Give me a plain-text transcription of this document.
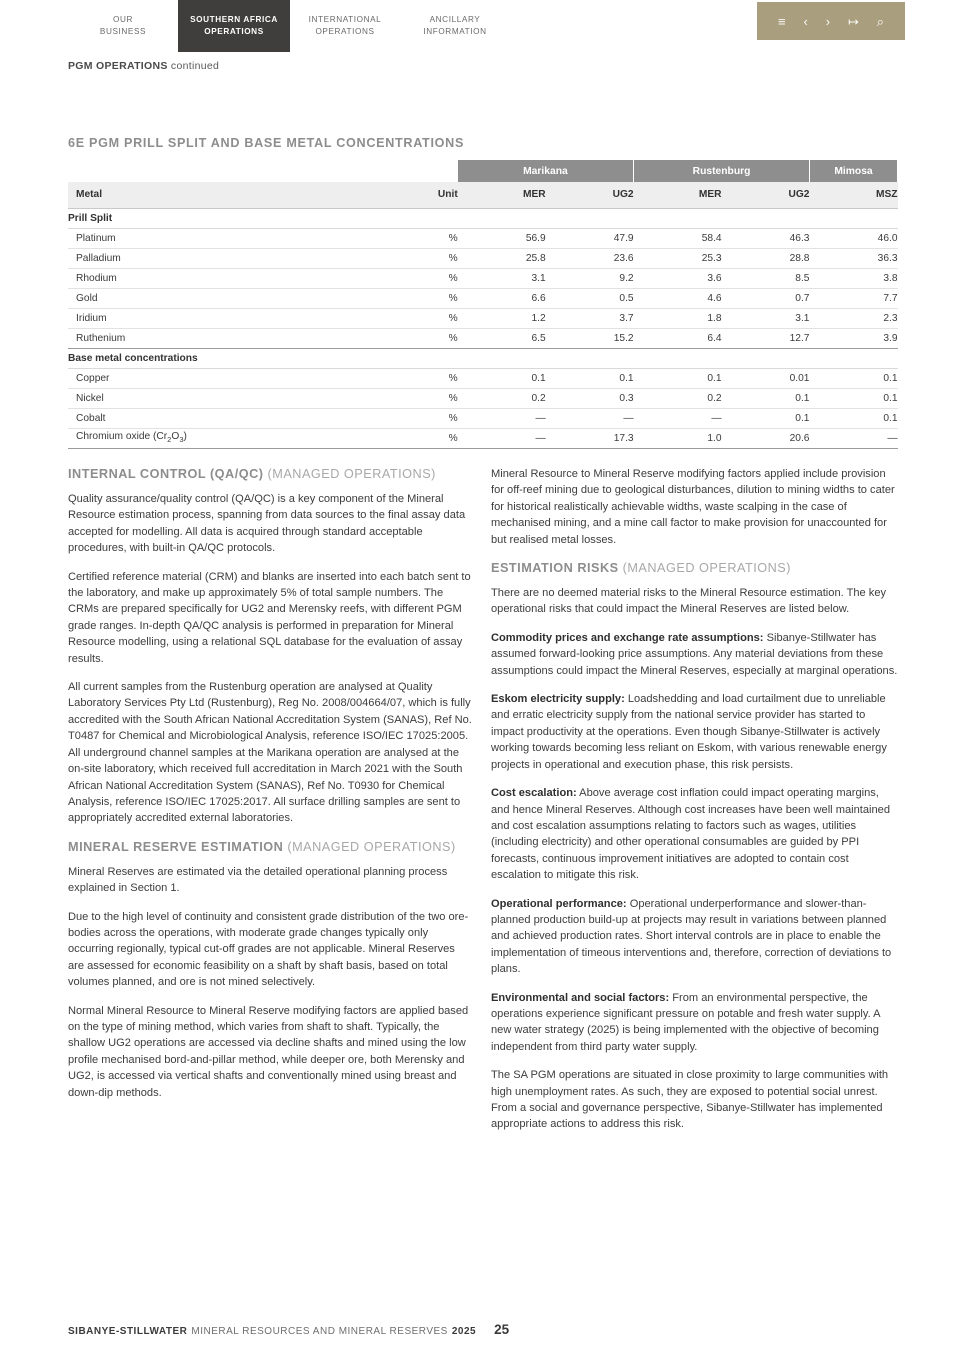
OUR
BUSINESS
SOUTHERN AFRICA
OPERATIONS
INTERNATIONAL
OPERATIONS
ANCILLARY
INFORMATION
≡ ‹ › ↦ ⌕
PGM OPERATIONS continued
6E PGM PRILL SPLIT AND BASE METAL CONCENTRATIONS
		Marikana		Rustenburg		Mimosa
Metal	Unit	MER	UG2	MER	UG2	MSZ
Prill Split						
Platinum	%	56.9	47.9	58.4	46.3	46.0
Palladium	%	25.8	23.6	25.3	28.8	36.3
Rhodium	%	3.1	9.2	3.6	8.5	3.8
Gold	%	6.6	0.5	4.6	0.7	7.7
Iridium	%	1.2	3.7	1.8	3.1	2.3
Ruthenium	%	6.5	15.2	6.4	12.7	3.9
Base metal concentrations						
Copper	%	0.1	0.1	0.1	0.01	0.1
Nickel	%	0.2	0.3	0.2	0.1	0.1
Cobalt	%	—	—	—	0.1	0.1
Chromium oxide $(Cr_2O_3)$	%	—	17.3	1.0	20.6	—
INTERNAL CONTROL (QA/QC) (MANAGED OPERATIONS)

Quality assurance/quality control (QA/QC) is a key component of the Mineral Resource estimation process, spanning from data sources to the final assay data accepted for modelling. All data is acquired through standard acceptable procedures, with built-in QA/QC protocols.

Certified reference material (CRM) and blanks are inserted into each batch sent to the laboratory, and make up approximately 5% of total sample numbers. The CRMs are prepared specifically for UG2 and Merensky reefs, with different PGM grade ranges. In-depth QA/QC analysis is performed in preparation for Mineral Resource modelling, using a relational SQL database for the evaluation of assay results.

All current samples from the Rustenburg operation are analysed at Quality Laboratory Services Pty Ltd (Rustenburg), Reg No. 2008/004664/07, which is fully accredited with the South African National Accreditation System (SANAS), Ref No. T0487 for Chemical and Microbiological Analysis, reference ISO/IEC 17025:2005. All underground channel samples at the Marikana operation are analysed at the on-site laboratory, which received full accreditation in March 2021 with the South African National Accreditation System (SANAS), Ref No. T0930 for Chemical Analysis, reference ISO/IEC 17025:2017. All surface drilling samples are sent to appropriately accredited external laboratories.

MINERAL RESERVE ESTIMATION (MANAGED OPERATIONS)

Mineral Reserves are estimated via the detailed operational planning process explained in Section 1.

Due to the high level of continuity and consistent grade distribution of the two ore-bodies across the operations, with moderate grade changes typically only occurring regionally, typical cut-off grades are not applicable. Mineral Reserves are assessed for economic feasibility on a shaft by shaft basis, based on total volumes planned, and ore is not mined selectively.

Normal Mineral Resource to Mineral Reserve modifying factors are applied based on the type of mining method, which varies from shaft to shaft. Typically, the shallow UG2 operations are accessed via decline shafts and mined using the low profile mechanised bord-and-pillar method, while deeper ore, both Merensky and UG2, is accessed via vertical shafts and conventionally mined using breast and down-dip methods.

Mineral Resource to Mineral Reserve modifying factors applied include provision for off-reef mining due to geological disturbances, dilution to mining widths to cater for historical realistically achievable widths, waste scalping in the case of mechanised mining, and a mine call factor to make provision for unaccounted for but realised metal losses.

ESTIMATION RISKS (MANAGED OPERATIONS)

There are no deemed material risks to the Mineral Resource estimation. The key operational risks that could impact the Mineral Reserves are listed below.

Commodity prices and exchange rate assumptions: Sibanye-Stillwater has assumed forward-looking price assumptions. Any material deviations from these assumptions could impact the Mineral Reserves, especially at marginal operations.

Eskom electricity supply: Loadshedding and load curtailment due to unreliable and erratic electricity supply from the national service provider has started to impact productivity at the operations. Even though Sibanye-Stillwater is actively working towards becoming less reliant on Eskom, with various renewable energy projects in operational and execution phase, this risk persists.

Cost escalation: Above average cost inflation could impact operating margins, and hence Mineral Reserves. Although cost increases have been well maintained and cost escalation assumptions relating to factors such as wages, utilities (including electricity) and other operational consumables are guided by PPI forecasts, continuous improvement initiatives are adopted to contain cost escalation to mitigate this risk.

Operational performance: Operational underperformance and slower-than-planned production build-up at projects may result in variations between planned and achieved production rates. Short interval controls are in place to enable the implementation of timeous interventions and, therefore, correction of deviations to plans.

Environmental and social factors: From an environmental perspective, the operations experience significant pressure on potable and fresh water supply. A new water strategy (2025) is being implemented with the objective of becoming independent from third party water supply.

The SA PGM operations are situated in close proximity to large communities with high unemployment rates. As such, they are exposed to potential social unrest. From a social and governance perspective, Sibanye-Stillwater has implemented appropriate actions to address this risk.

SIBANYE-STILLWATER MINERAL RESOURCES AND MINERAL RESERVES 2025 25
